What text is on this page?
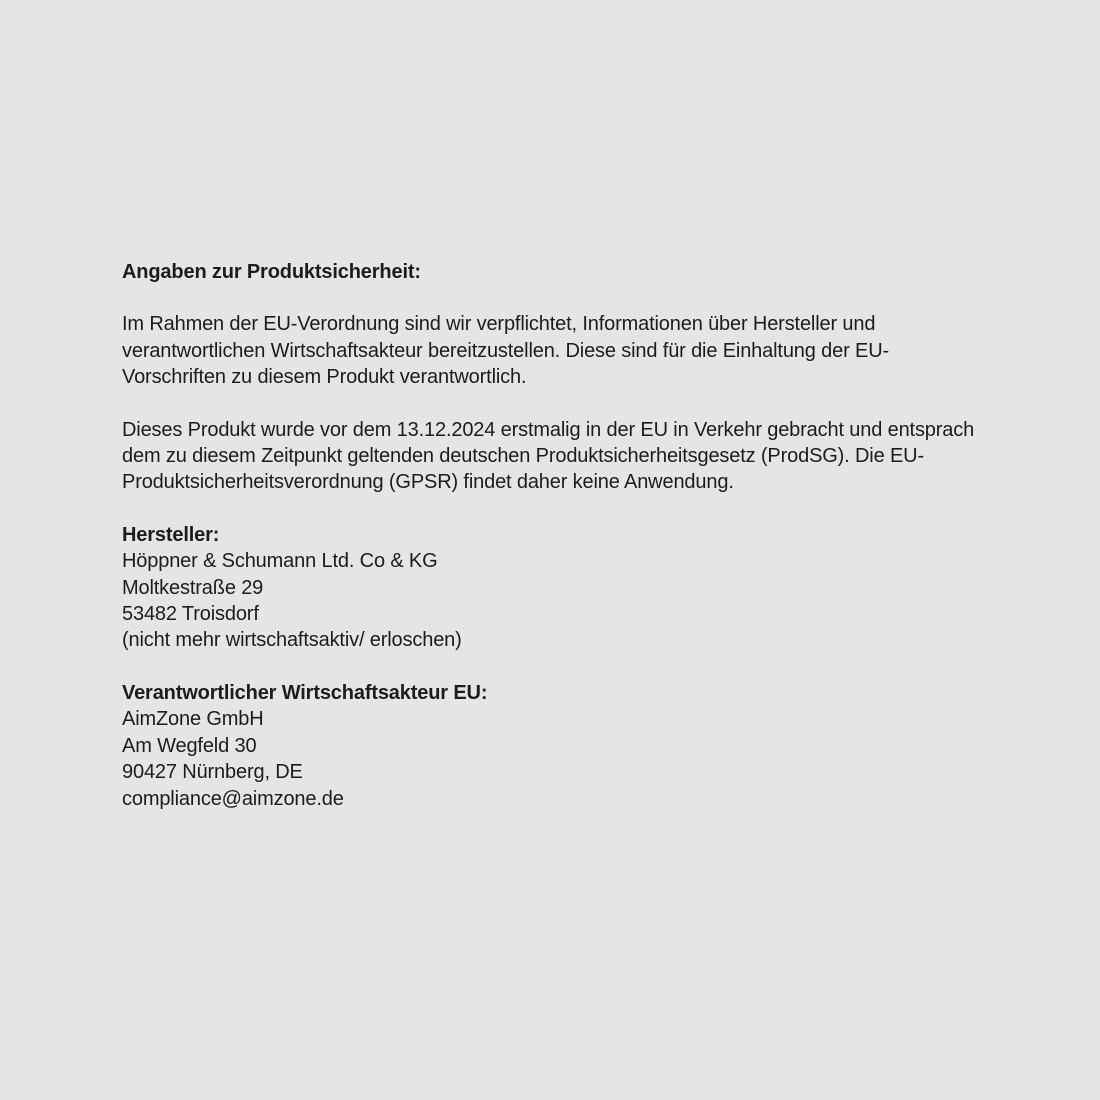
Angaben zur Produktsicherheit:

Im Rahmen der EU-Verordnung sind wir verpflichtet, Informationen über Hersteller und verantwortlichen Wirtschaftsakteur bereitzustellen. Diese sind für die Einhaltung der EU-Vorschriften zu diesem Produkt verantwortlich.

Dieses Produkt wurde vor dem 13.12.2024 erstmalig in der EU in Verkehr gebracht und entsprach dem zu diesem Zeitpunkt geltenden deutschen Produktsicherheitsgesetz (ProdSG). Die EU-Produktsicherheitsverordnung (GPSR) findet daher keine Anwendung.

Hersteller:
Höppner & Schumann Ltd. Co & KG
Moltkestraße 29
53482 Troisdorf
(nicht mehr wirtschaftsaktiv/ erloschen)
Verantwortlicher Wirtschaftsakteur EU:
AimZone GmbH
Am Wegfeld 30
90427 Nürnberg, DE
compliance@aimzone.de
